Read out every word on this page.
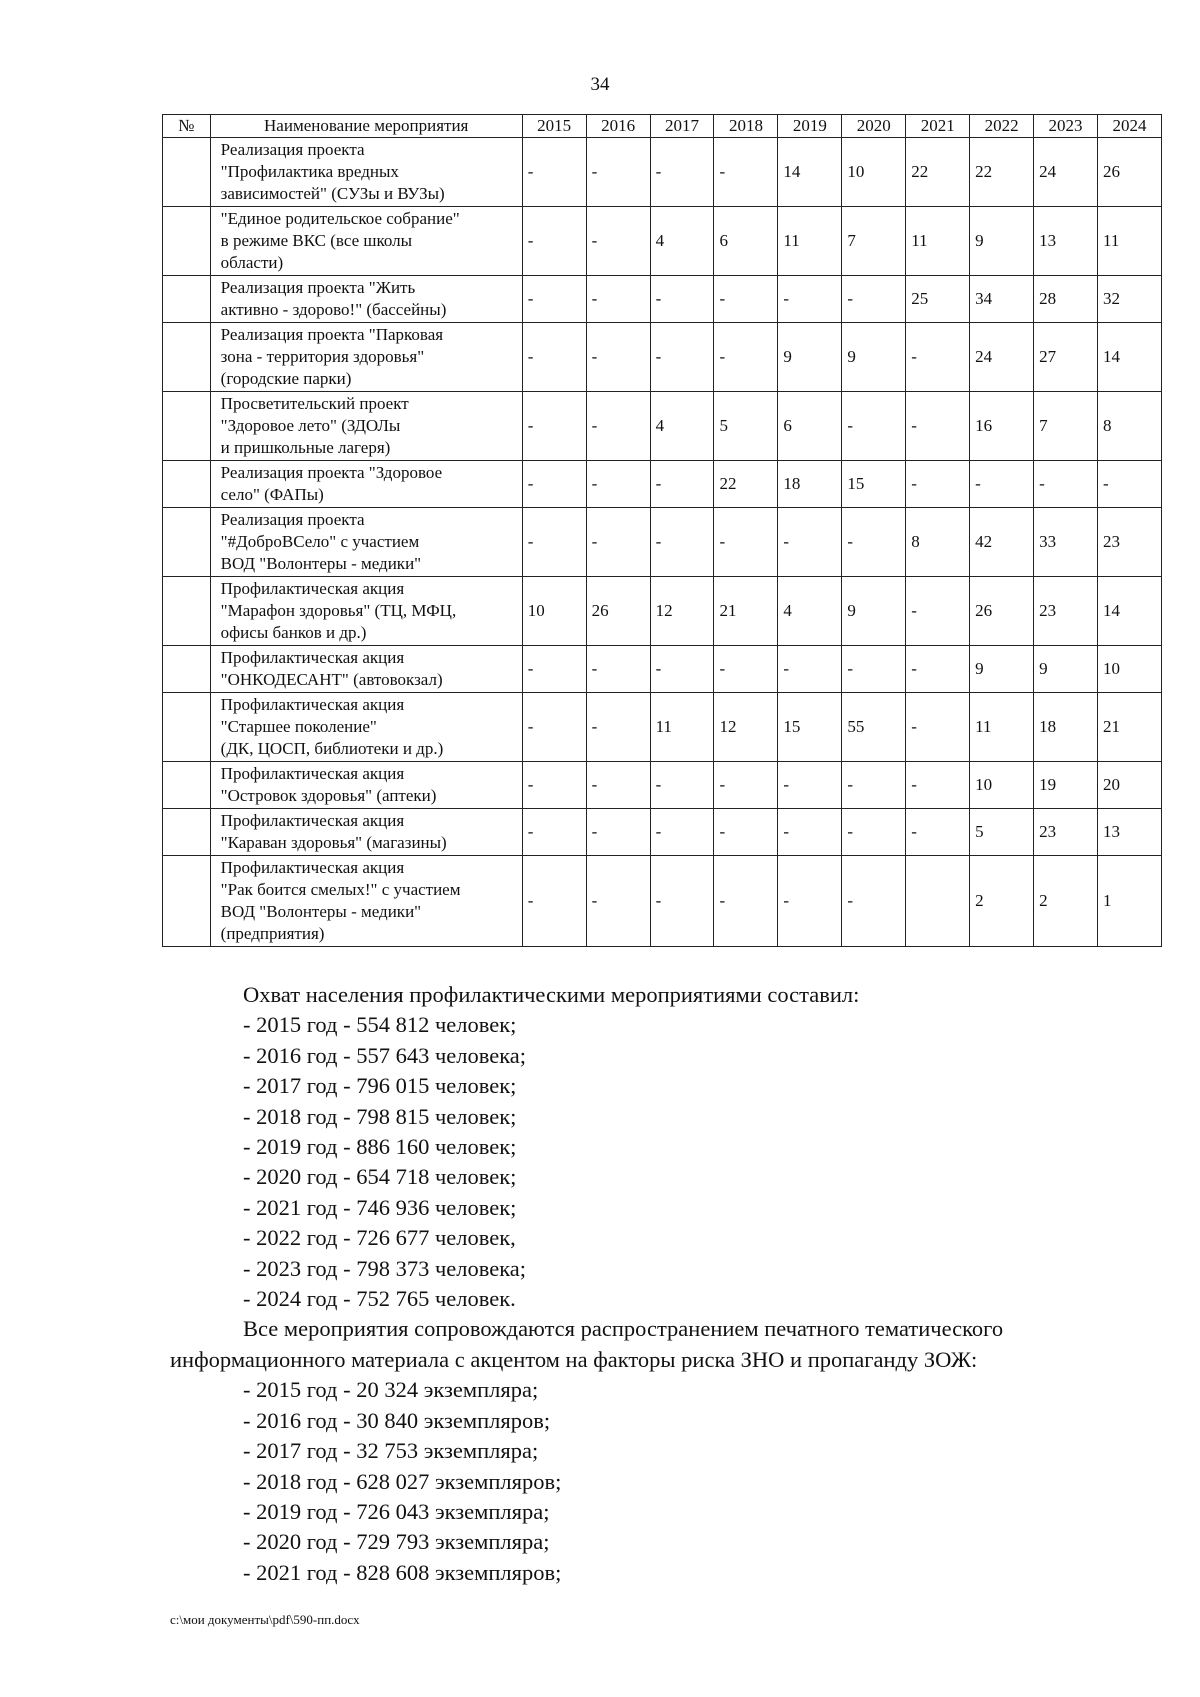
34
№	Наименование мероприятия	2015	2016	2017	2018	2019	2020	2021	2022	2023	2024

	Реализация проекта
"Профилактика вредных
зависимостей" (СУЗы и ВУЗы)	-	-	-	-	14	10	22	22	24	26

	"Единое родительское собрание"
в режиме ВКС (все школы
области)	-	-	4	6	11	7	11	9	13	11

	Реализация проекта "Жить
активно - здорово!" (бассейны)	-	-	-	-	-	-	25	34	28	32

	Реализация проекта "Парковая
зона - территория здоровья"
(городские парки)	-	-	-	-	9	9	-	24	27	14

	Просветительский проект
"Здоровое лето" (ЗДОЛы
и пришкольные лагеря)	-	-	4	5	6	-	-	16	7	8

	Реализация проекта "Здоровое
село" (ФАПы)	-	-	-	22	18	15	-	-	-	-

	Реализация проекта
"#ДоброВСело" с участием
ВОД "Волонтеры - медики"	-	-	-	-	-	-	8	42	33	23

	Профилактическая акция
"Марафон здоровья" (ТЦ, МФЦ,
офисы банков и др.)	10	26	12	21	4	9	-	26	23	14

	Профилактическая акция
"ОНКОДЕСАНТ" (автовокзал)	-	-	-	-	-	-	-	9	9	10

	Профилактическая акция
"Старшее поколение"
(ДК, ЦОСП, библиотеки и др.)	-	-	11	12	15	55	-	11	18	21

	Профилактическая акция
"Островок здоровья" (аптеки)	-	-	-	-	-	-	-	10	19	20

	Профилактическая акция
"Караван здоровья" (магазины)	-	-	-	-	-	-	-	5	23	13

	Профилактическая акция
"Рак боится смелых!" с участием
ВОД "Волонтеры - медики"
(предприятия)	-	-	-	-	-	-		2	2	1

Охват населения профилактическими мероприятиями составил:

- 2015 год - 554 812 человек;

- 2016 год - 557 643 человека;

- 2017 год - 796 015 человек;

- 2018 год - 798 815 человек;

- 2019 год - 886 160 человек;

- 2020 год - 654 718 человек;

- 2021 год - 746 936 человек;

- 2022 год - 726 677 человек,

- 2023 год - 798 373 человека;

- 2024 год - 752 765 человек.

Все мероприятия сопровождаются распространением печатного тематического

информационного материала с акцентом на факторы риска ЗНО и пропаганду ЗОЖ:

- 2015 год - 20 324 экземпляра;

- 2016 год - 30 840 экземпляров;

- 2017 год - 32 753 экземпляра;

- 2018 год - 628 027 экземпляров;

- 2019 год - 726 043 экземпляра;

- 2020 год - 729 793 экземпляра;

- 2021 год - 828 608 экземпляров;

c:\мои документы\pdf\590-пп.docx
